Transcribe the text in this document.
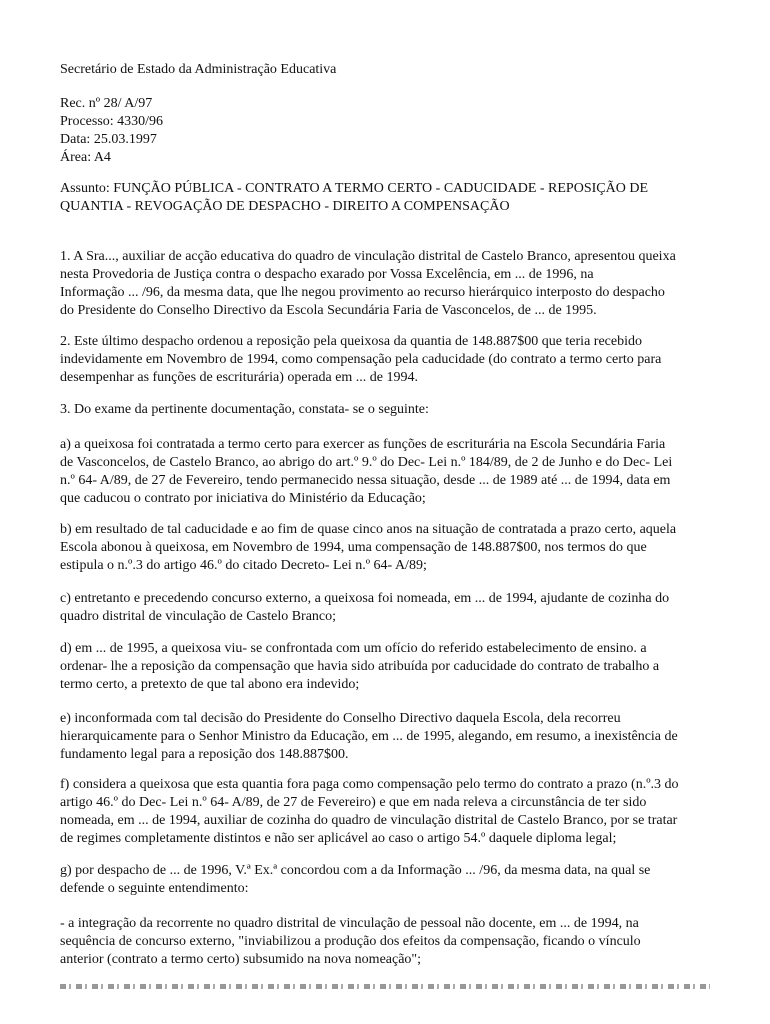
Secretário de Estado da Administração Educativa

Rec. nº 28/ A/97
Processo: 4330/96
Data: 25.03.1997
Área: A4
Assunto: FUNÇÃO PÚBLICA - CONTRATO A TERMO CERTO - CADUCIDADE - REPOSIÇÃO DE
QUANTIA - REVOGAÇÃO DE DESPACHO - DIREITO A COMPENSAÇÃO
1. A Sra..., auxiliar de acção educativa do quadro de vinculação distrital de Castelo Branco, apresentou queixa
nesta Provedoria de Justiça contra o despacho exarado por Vossa Excelência, em ... de 1996, na
Informação ... /96, da mesma data, que lhe negou provimento ao recurso hierárquico interposto do despacho
do Presidente do Conselho Directivo da Escola Secundária Faria de Vasconcelos, de ... de 1995.
2. Este último despacho ordenou a reposição pela queixosa da quantia de 148.887$00 que teria recebido
indevidamente em Novembro de 1994, como compensação pela caducidade (do contrato a termo certo para
desempenhar as funções de escriturária) operada em ... de 1994.
3. Do exame da pertinente documentação, constata- se o seguinte:
a) a queixosa foi contratada a termo certo para exercer as funções de escriturária na Escola Secundária Faria
de Vasconcelos, de Castelo Branco, ao abrigo do art.º 9.º do Dec- Lei n.º 184/89, de 2 de Junho e do Dec- Lei
n.º 64- A/89, de 27 de Fevereiro, tendo permanecido nessa situação, desde ... de 1989 até ... de 1994, data em
que caducou o contrato por iniciativa do Ministério da Educação;
b) em resultado de tal caducidade e ao fim de quase cinco anos na situação de contratada a prazo certo, aquela
Escola abonou à queixosa, em Novembro de 1994, uma compensação de 148.887$00, nos termos do que
estipula o n.º.3 do artigo 46.º do citado Decreto- Lei n.º 64- A/89;
c) entretanto e precedendo concurso externo, a queixosa foi nomeada, em ... de 1994, ajudante de cozinha do
quadro distrital de vinculação de Castelo Branco;
d) em ... de 1995, a queixosa viu- se confrontada com um ofício do referido estabelecimento de ensino. a
ordenar- lhe a reposição da compensação que havia sido atribuída por caducidade do contrato de trabalho a
termo certo, a pretexto de que tal abono era indevido;
e) inconformada com tal decisão do Presidente do Conselho Directivo daquela Escola, dela recorreu
hierarquicamente para o Senhor Ministro da Educação, em ... de 1995, alegando, em resumo, a inexistência de
fundamento legal para a reposição dos 148.887$00.
f) considera a queixosa que esta quantia fora paga como compensação pelo termo do contrato a prazo (n.º.3 do
artigo 46.º do Dec- Lei n.º 64- A/89, de 27 de Fevereiro) e que em nada releva a circunstância de ter sido
nomeada, em ... de 1994, auxiliar de cozinha do quadro de vinculação distrital de Castelo Branco, por se tratar
de regimes completamente distintos e não ser aplicável ao caso o artigo 54.º daquele diploma legal;
g) por despacho de ... de 1996, V.ª Ex.ª concordou com a da Informação ... /96, da mesma data, na qual se
defende o seguinte entendimento:
- a integração da recorrente no quadro distrital de vinculação de pessoal não docente, em ... de 1994, na
sequência de concurso externo, "inviabilizou a produção dos efeitos da compensação, ficando o vínculo
anterior (contrato a termo certo) subsumido na nova nomeação";
